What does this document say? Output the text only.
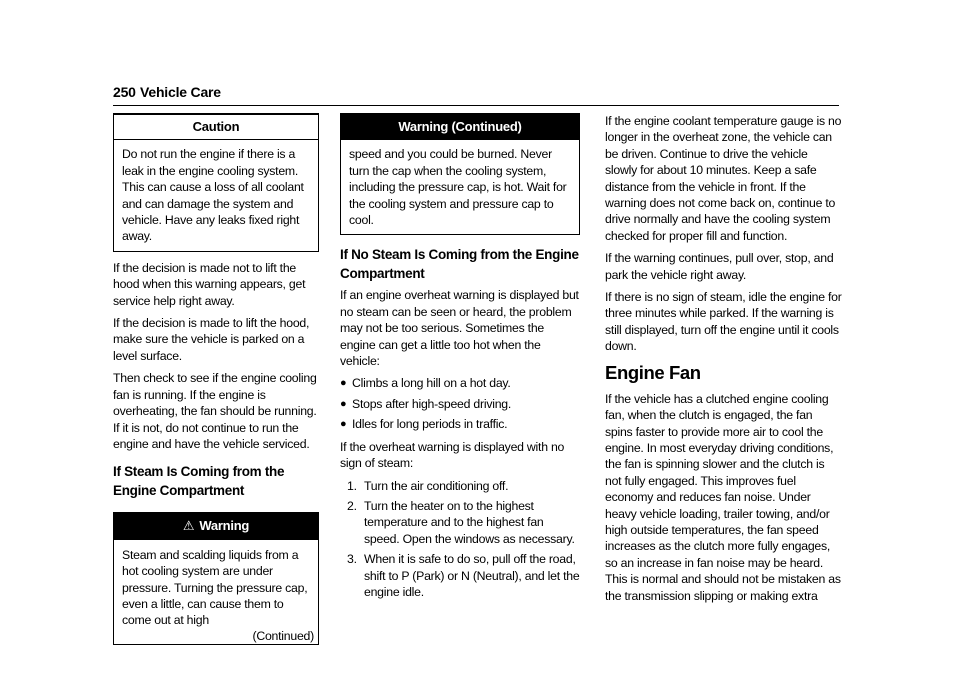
250 Vehicle Care
Caution
Do not run the engine if there is a leak in the engine cooling system. This can cause a loss of all coolant and can damage the system and vehicle. Have any leaks fixed right away.

If the decision is made not to lift the hood when this warning appears, get service help right away.

If the decision is made to lift the hood, make sure the vehicle is parked on a level surface.

Then check to see if the engine cooling fan is running. If the engine is overheating, the fan should be running. If it is not, do not continue to run the engine and have the vehicle serviced.

If Steam Is Coming from the Engine Compartment
⚠ Warning
Steam and scalding liquids from a hot cooling system are under pressure. Turning the pressure cap, even a little, can cause them to come out at high
(Continued)
Warning (Continued)
speed and you could be burned. Never turn the cap when the cooling system, including the pressure cap, is hot. Wait for the cooling system and pressure cap to cool.
If No Steam Is Coming from the Engine Compartment

If an engine overheat warning is displayed but no steam can be seen or heard, the problem may not be too serious. Sometimes the engine can get a little too hot when the vehicle:

● Climbs a long hill on a hot day.
● Stops after high-speed driving.
● Idles for long periods in traffic.

If the overheat warning is displayed with no sign of steam:

1. Turn the air conditioning off.
2. Turn the heater on to the highest temperature and to the highest fan speed. Open the windows as necessary.
3. When it is safe to do so, pull off the road, shift to P (Park) or N (Neutral), and let the engine idle.

If the engine coolant temperature gauge is no longer in the overheat zone, the vehicle can be driven. Continue to drive the vehicle slowly for about 10 minutes. Keep a safe distance from the vehicle in front. If the warning does not come back on, continue to drive normally and have the cooling system checked for proper fill and function.

If the warning continues, pull over, stop, and park the vehicle right away.

If there is no sign of steam, idle the engine for three minutes while parked. If the warning is still displayed, turn off the engine until it cools down.

Engine Fan

If the vehicle has a clutched engine cooling fan, when the clutch is engaged, the fan spins faster to provide more air to cool the engine. In most everyday driving conditions, the fan is spinning slower and the clutch is not fully engaged. This improves fuel economy and reduces fan noise. Under heavy vehicle loading, trailer towing, and/or high outside temperatures, the fan speed increases as the clutch more fully engages, so an increase in fan noise may be heard. This is normal and should not be mistaken as the transmission slipping or making extra
